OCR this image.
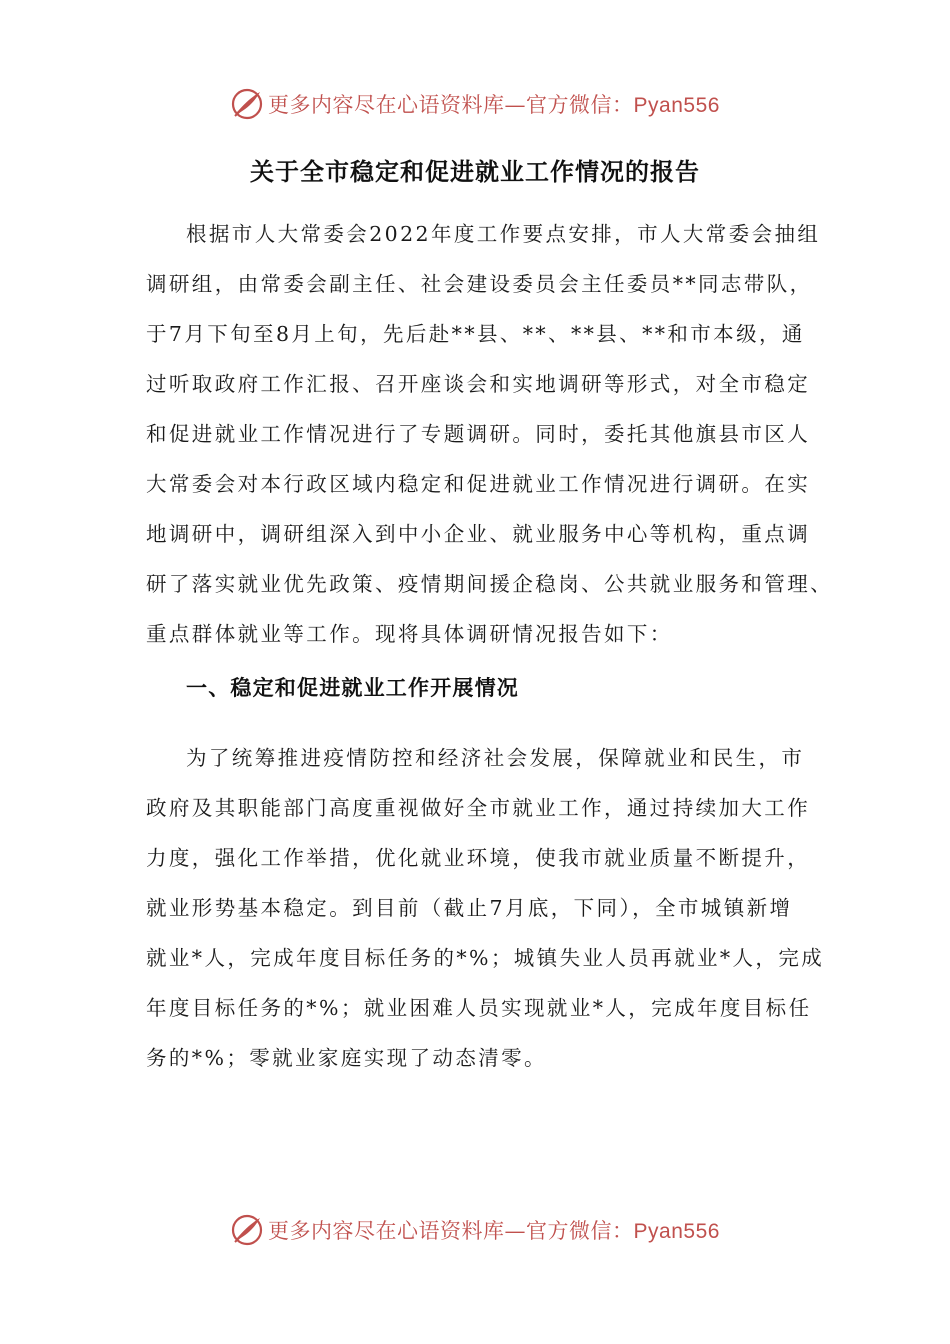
更多内容尽在心语资料库—官方微信：Pyan556
关于全市稳定和促进就业工作情况的报告
根据市人大常委会2022年度工作要点安排，市人大常委会抽组
调研组，由常委会副主任、社会建设委员会主任委员**同志带队，
于7月下旬至8月上旬，先后赴**县、**、**县、**和市本级，通
过听取政府工作汇报、召开座谈会和实地调研等形式，对全市稳定
和促进就业工作情况进行了专题调研。同时，委托其他旗县市区人
大常委会对本行政区域内稳定和促进就业工作情况进行调研。在实
地调研中，调研组深入到中小企业、就业服务中心等机构，重点调
研了落实就业优先政策、疫情期间援企稳岗、公共就业服务和管理、
重点群体就业等工作。现将具体调研情况报告如下：
一、稳定和促进就业工作开展情况
为了统筹推进疫情防控和经济社会发展，保障就业和民生，市
政府及其职能部门高度重视做好全市就业工作，通过持续加大工作
力度，强化工作举措，优化就业环境，使我市就业质量不断提升，
就业形势基本稳定。到目前（截止7月底，下同），全市城镇新增
就业*人，完成年度目标任务的*%；城镇失业人员再就业*人，完成
年度目标任务的*%；就业困难人员实现就业*人，完成年度目标任
务的*%；零就业家庭实现了动态清零。
更多内容尽在心语资料库—官方微信：Pyan556
